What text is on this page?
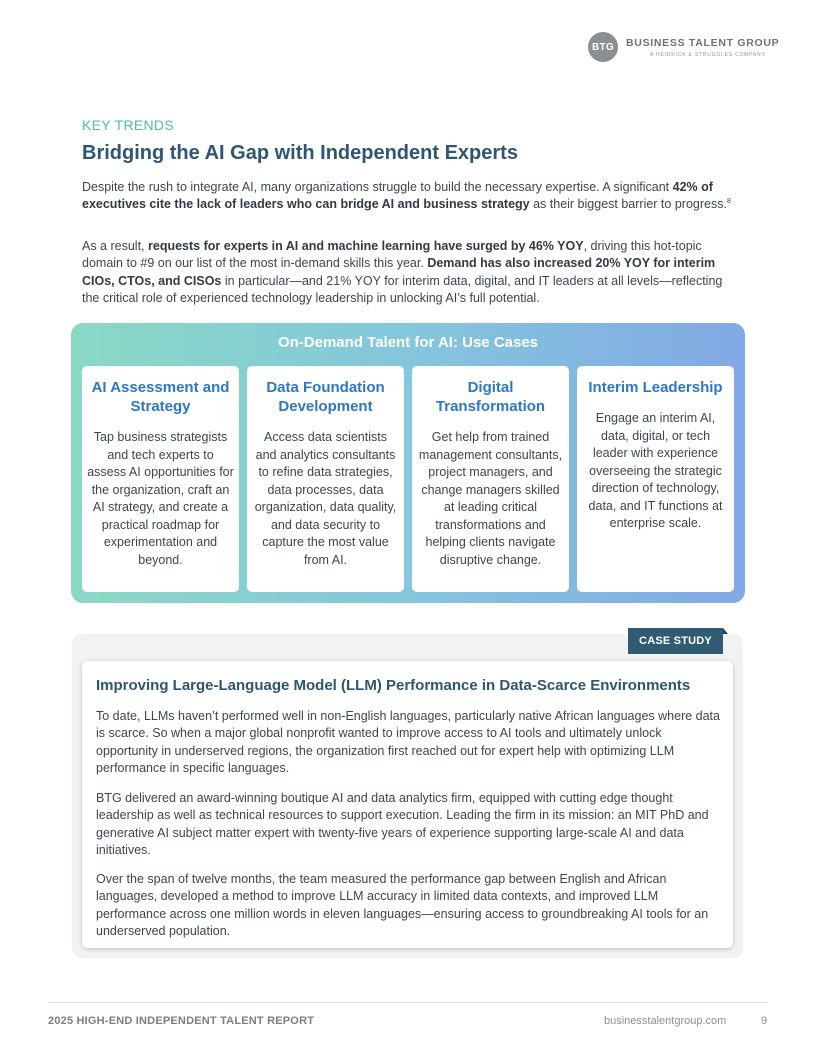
BTG	BUSINESS TALENT GROUP
A HEIDRICK & STRUGGLES COMPANY
KEY TRENDS
Bridging the AI Gap with Independent Experts

Despite the rush to integrate AI, many organizations struggle to build the necessary expertise. A significant 42% of executives cite the lack of leaders who can bridge AI and business strategy as their biggest barrier to progress.$^8$

As a result, requests for experts in AI and machine learning have surged by 46% YOY, driving this hot-topic domain to #9 on our list of the most in-demand skills this year. Demand has also increased 20% YOY for interim CIOs, CTOs, and CISOs in particular—and 21% YOY for interim data, digital, and IT leaders at all levels—reflecting the critical role of experienced technology leadership in unlocking AI’s full potential.

On-Demand Talent for AI: Use Cases

AI Assessment and Strategy

Tap business strategists and tech experts to assess AI opportunities for the organization, craft an AI strategy, and create a practical roadmap for experimentation and beyond.

Data Foundation Development

Access data scientists and analytics consultants to refine data strategies, data processes, data organization, data quality, and data security to capture the most value from AI.

Digital Transformation

Get help from trained management consultants, project managers, and change managers skilled at leading critical transformations and helping clients navigate disruptive change.

Interim Leadership

Engage an interim AI, data, digital, or tech leader with experience overseeing the strategic direction of technology, data, and IT functions at enterprise scale.

CASE STUDY
Improving Large-Language Model (LLM) Performance in Data-Scarce Environments

To date, LLMs haven’t performed well in non-English languages, particularly native African languages where data is scarce. So when a major global nonprofit wanted to improve access to AI tools and ultimately unlock opportunity in underserved regions, the organization first reached out for expert help with optimizing LLM performance in specific languages.

BTG delivered an award-winning boutique AI and data analytics firm, equipped with cutting edge thought leadership as well as technical resources to support execution. Leading the firm in its mission: an MIT PhD and generative AI subject matter expert with twenty-five years of experience supporting large-scale AI and data initiatives.

Over the span of twelve months, the team measured the performance gap between English and African languages, developed a method to improve LLM accuracy in limited data contexts, and improved LLM performance across one million words in eleven languages—ensuring access to groundbreaking AI tools for an underserved population.

2025 HIGH-END INDEPENDENT TALENT REPORT	businesstalentgroup.com	9
